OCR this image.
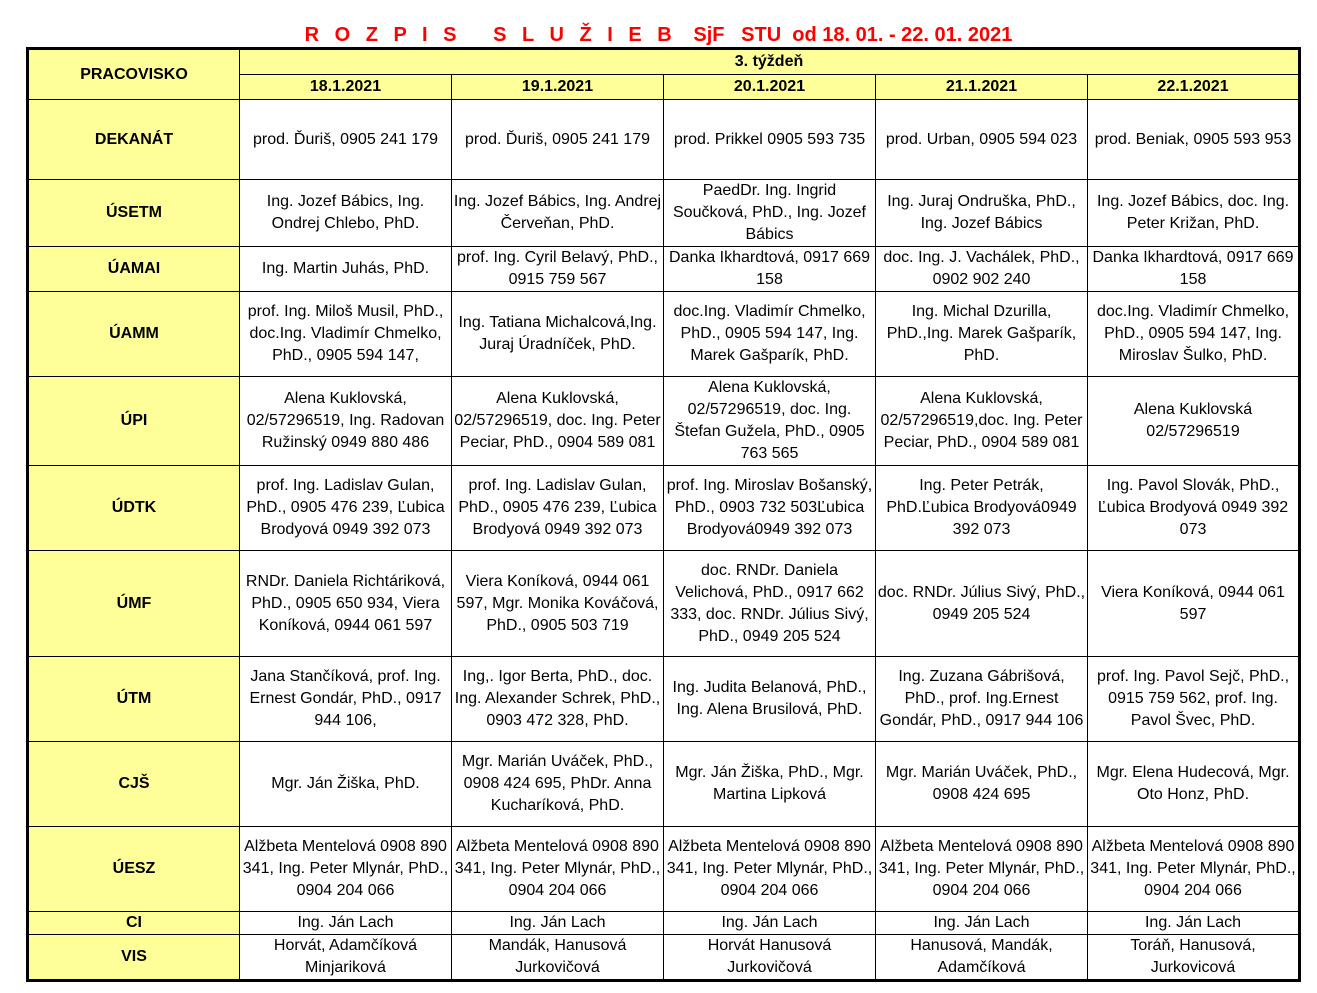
R O Z P I S   S L U Ž I E B   SjF   STU  od 18. 01. - 22. 01. 2021
PRACOVISKO	3. týždeň				
	18.1.2021	19.1.2021	20.1.2021	21.1.2021	22.1.2021
DEKANÁT	prod. Ďuriš, 0905 241 179	prod. Ďuriš, 0905 241 179	prod. Prikkel 0905 593 735	prod. Urban, 0905 594 023	prod. Beniak, 0905 593 953
ÚSETM	Ing. Jozef Bábics, Ing. Ondrej Chlebo, PhD.	Ing. Jozef Bábics, Ing. Andrej Červeňan, PhD.	PaedDr. Ing. Ingrid Součková, PhD., Ing. Jozef Bábics	Ing. Juraj Ondruška, PhD., Ing. Jozef Bábics	Ing. Jozef Bábics, doc. Ing. Peter Križan, PhD.
ÚAMAI	Ing. Martin Juhás, PhD.	prof. Ing. Cyril Belavý, PhD., 0915 759 567	Danka Ikhardtová, 0917 669 158	doc. Ing. J. Vachálek, PhD., 0902 902 240	Danka Ikhardtová, 0917 669 158
ÚAMM	prof. Ing. Miloš Musil, PhD., doc.Ing. Vladimír Chmelko, PhD., 0905 594 147,	Ing. Tatiana Michalcová,Ing. Juraj Úradníček, PhD.	doc.Ing. Vladimír Chmelko, PhD., 0905 594 147, Ing. Marek Gašparík, PhD.	Ing. Michal Dzurilla, PhD.,Ing. Marek Gašparík, PhD.	doc.Ing. Vladimír Chmelko, PhD., 0905 594 147, Ing. Miroslav Šulko, PhD.
ÚPI	Alena Kuklovská, 02/57296519, Ing. Radovan Ružinský 0949 880 486	Alena Kuklovská, 02/57296519, doc. Ing. Peter Peciar, PhD., 0904 589 081	Alena Kuklovská, 02/57296519, doc. Ing. Štefan Guželа, PhD., 0905 763 565	Alena Kuklovská, 02/57296519,doc. Ing. Peter Peciar, PhD., 0904 589 081	Alena Kuklovská 02/57296519
ÚDTK	prof. Ing. Ladislav Gulan, PhD., 0905 476 239, Ľubica Brodyová 0949 392 073	prof. Ing. Ladislav Gulan, PhD., 0905 476 239, Ľubica Brodyová 0949 392 073	prof. Ing. Miroslav Bošanský, PhD., 0903 732 503Ľubica Brodyová0949 392 073	Ing. Peter Petrák, PhD.Ľubica Brodyová0949 392 073	Ing. Pavol Slovák, PhD., Ľubica Brodyová 0949 392 073
ÚMF	RNDr. Daniela Richtáriková, PhD., 0905 650 934, Viera Koníková, 0944 061 597	Viera Koníková, 0944 061 597, Mgr. Monika Kováčová, PhD., 0905 503 719	doc. RNDr. Daniela Velichová, PhD., 0917 662 333, doc. RNDr. Július Sivý, PhD., 0949 205 524	doc. RNDr. Július Sivý, PhD., 0949 205 524	Viera Koníková, 0944 061 597
ÚTM	Jana Stančíková, prof. Ing. Ernest Gondár, PhD., 0917 944 106,	Ing,. Igor Berta, PhD., doc. Ing. Alexander Schrek, PhD., 0903 472 328, PhD.	Ing. Judita Belanová, PhD., Ing. Alena Brusilová, PhD.	Ing. Zuzana Gábrišová, PhD., prof. Ing.Ernest Gondár, PhD., 0917 944 106	prof. Ing. Pavol Sejč, PhD., 0915 759 562, prof. Ing. Pavol Švec, PhD.
CJŠ	Mgr. Ján Žiška, PhD.	Mgr. Marián Uváček, PhD., 0908 424 695, PhDr. Anna Kucharíková, PhD.	Mgr. Ján Žiška, PhD., Mgr. Martina Lipková	Mgr. Marián Uváček, PhD., 0908 424 695	Mgr. Elena Hudecová, Mgr. Oto Honz, PhD.
ÚESZ	Alžbeta Mentelová 0908 890 341, Ing. Peter Mlynár, PhD., 0904 204 066	Alžbeta Mentelová 0908 890 341, Ing. Peter Mlynár, PhD., 0904 204 066	Alžbeta Mentelová 0908 890 341, Ing. Peter Mlynár, PhD., 0904 204 066	Alžbeta Mentelová 0908 890 341, Ing. Peter Mlynár, PhD., 0904 204 066	Alžbeta Mentelová 0908 890 341, Ing. Peter Mlynár, PhD., 0904 204 066
CI	Ing. Ján Lach	Ing. Ján Lach	Ing. Ján Lach	Ing. Ján Lach	Ing. Ján Lach
VIS	Horvát, Adamčíková Minjariková	Mandák, Hanusová Jurkovičová	Horvát Hanusová Jurkovičová	Hanusová, Mandák, Adamčíková	Toráň, Hanusová, Jurkovicová
